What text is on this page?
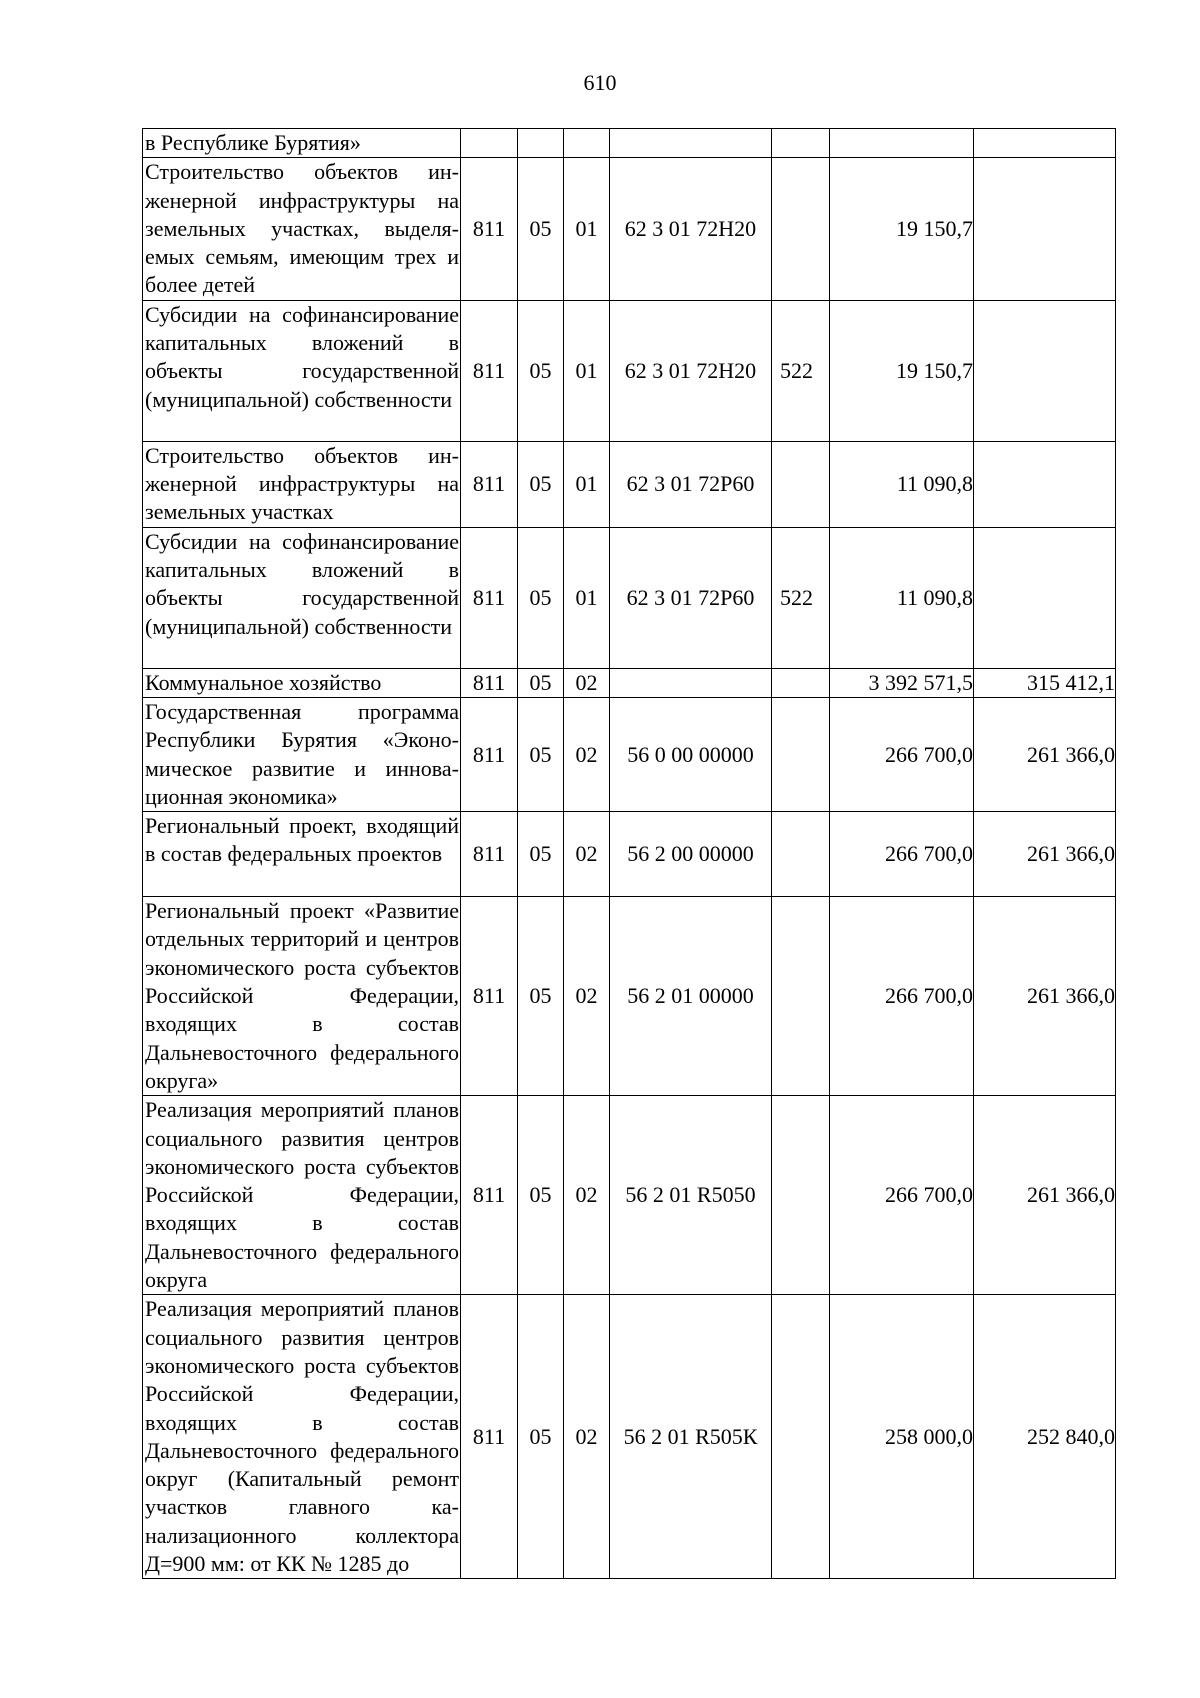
610
в Республике Бурятия»							
Строительство объектов инженерной инфраструктуры на земельных участках, выделяемых семьям, имеющим трех и более детей	811	05	01	62 3 01 72Н20		19 150,7	
Субсидии на софинансирование капитальных вложений в объекты государственной (муниципальной) собственности	811	05	01	62 3 01 72Н20	522	19 150,7	
Строительство объектов инженерной инфраструктуры на земельных участках	811	05	01	62 3 01 72Р60		11 090,8	
Субсидии на софинансирование капитальных вложений в объекты государственной (муниципальной) собственности	811	05	01	62 3 01 72Р60	522	11 090,8	
Коммунальное хозяйство	811	05	02			3 392 571,5	315 412,1
Государственная программа Республики Бурятия «Экономическое развитие и инновационная экономика»	811	05	02	56 0 00 00000		266 700,0	261 366,0
Региональный проект, входящий в состав федеральных проектов	811	05	02	56 2 00 00000		266 700,0	261 366,0
Региональный проект «Развитие отдельных территорий и центров экономического роста субъектов Российской Федерации, входящих в состав Дальневосточного федерального округа»	811	05	02	56 2 01 00000		266 700,0	261 366,0
Реализация мероприятий планов социального развития центров экономического роста субъектов Российской Федерации, входящих в состав Дальневосточного федерального округа	811	05	02	56 2 01 R5050		266 700,0	261 366,0
Реализация мероприятий планов социального развития центров экономического роста субъектов Российской Федерации, входящих в состав Дальневосточного федерального округ (Капитальный ремонт участков главного канализационного коллектора Д=900 мм: от КК № 1285 до	811	05	02	56 2 01 R505К		258 000,0	252 840,0
